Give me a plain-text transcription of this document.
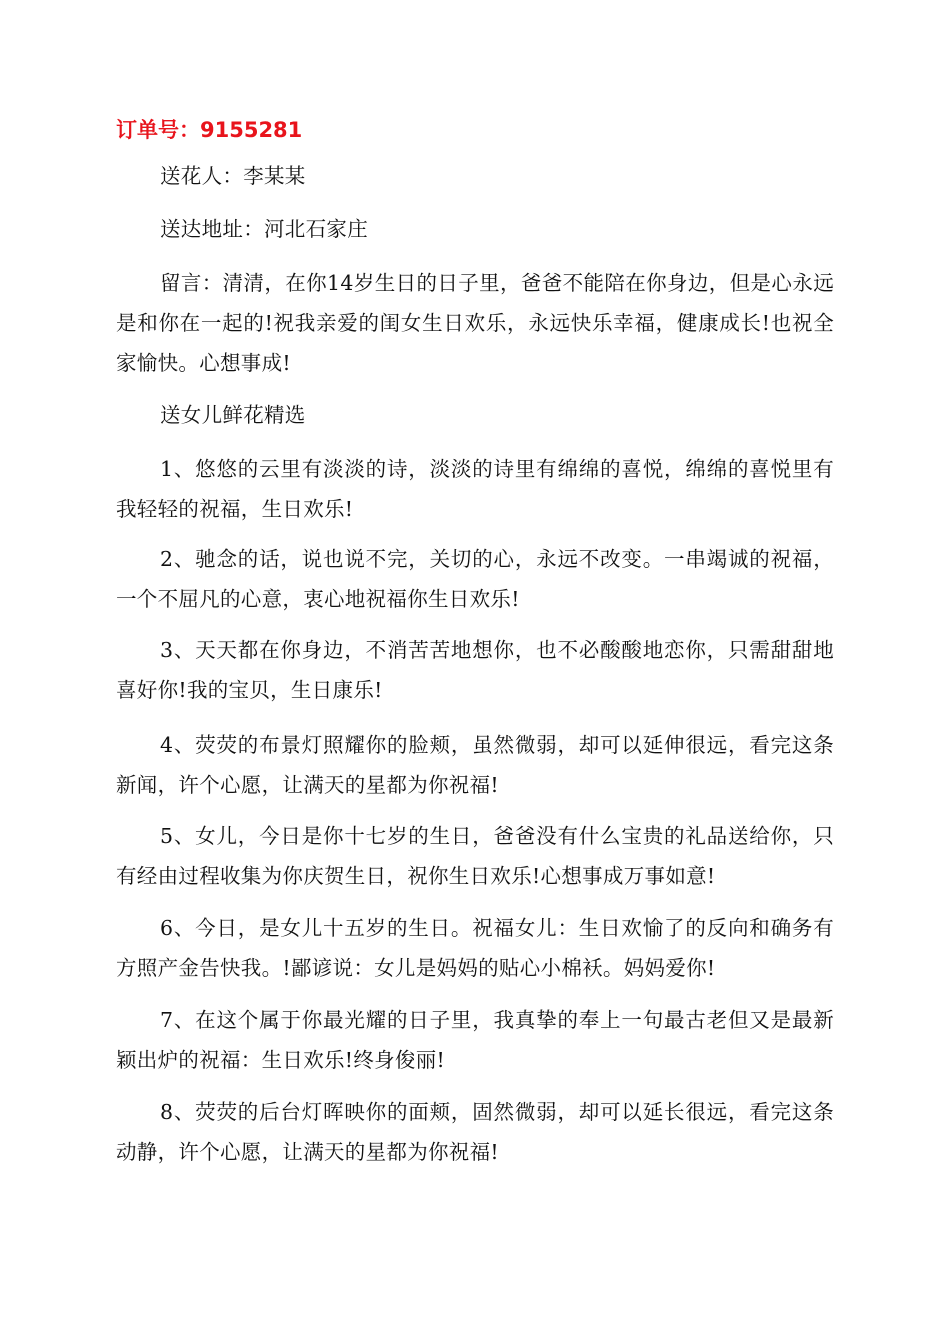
订单号：9155281

送花人：李某某

送达地址：河北石家庄

留言：清清，在你14岁生日的日子里，爸爸不能陪在你身边，但是心永远是和你在一起的!祝我亲爱的闺女生日欢乐，永远快乐幸福，健康成长!也祝全家愉快。心想事成!

送女儿鲜花精选

1、悠悠的云里有淡淡的诗，淡淡的诗里有绵绵的喜悦，绵绵的喜悦里有我轻轻的祝福，生日欢乐!

2、驰念的话，说也说不完，关切的心，永远不改变。一串竭诚的祝福，一个不屈凡的心意，衷心地祝福你生日欢乐!

3、天天都在你身边，不消苦苦地想你，也不必酸酸地恋你，只需甜甜地喜好你!我的宝贝，生日康乐!

4、荧荧的布景灯照耀你的脸颊，虽然微弱，却可以延伸很远，看完这条新闻，许个心愿，让满天的星都为你祝福!

5、女儿，今日是你十七岁的生日，爸爸没有什么宝贵的礼品送给你，只有经由过程收集为你庆贺生日，祝你生日欢乐!心想事成万事如意!

6、今日，是女儿十五岁的生日。祝福女儿：生日欢愉了的反向和确务有方照产金告快我。!鄙谚说：女儿是妈妈的贴心小棉袄。妈妈爱你!

7、在这个属于你最光耀的日子里，我真挚的奉上一句最古老但又是最新颖出炉的祝福：生日欢乐!终身俊丽!

8、荧荧的后台灯晖映你的面颊，固然微弱，却可以延长很远，看完这条动静，许个心愿，让满天的星都为你祝福!
